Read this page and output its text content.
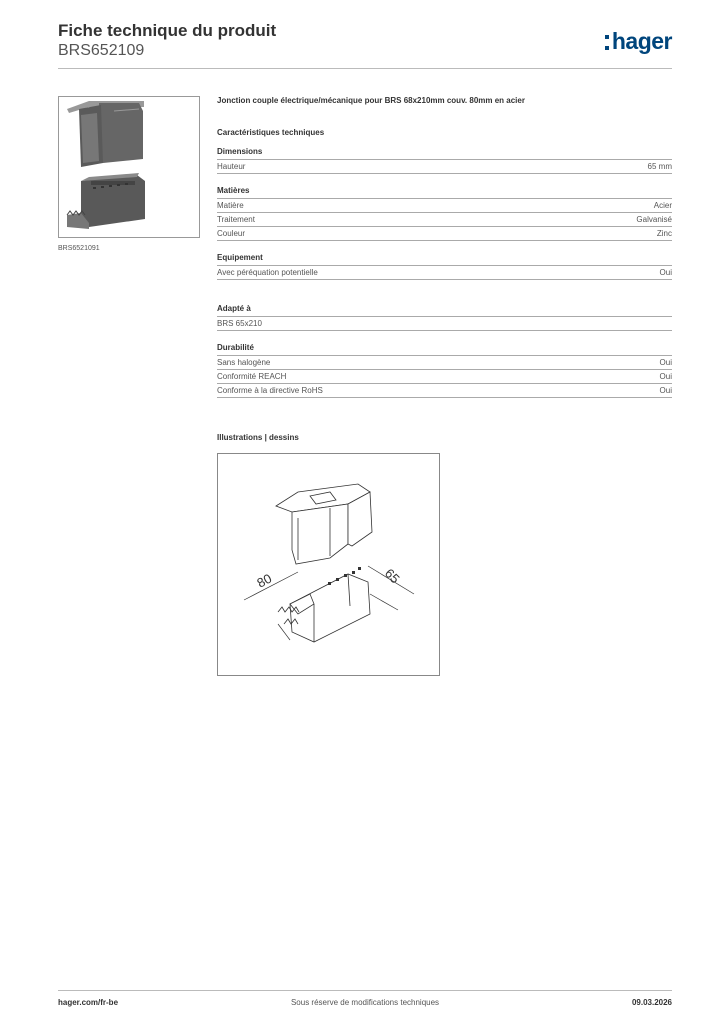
Fiche technique du produit
BRS652109	hager
BRS6521091
Jonction couple électrique/mécanique pour BRS 68x210mm couv. 80mm en acier
Caractéristiques techniques
Dimensions
Hauteur	65 mm
Matières
Matière	Acier
Traitement	Galvanisé
Couleur	Zinc
Equipement
Avec péréquation potentielle	Oui
Adapté à
BRS 65x210
Durabilité
Sans halogène	Oui
Conformité REACH	Oui
Conforme à la directive RoHS	Oui
Illustrations | dessins
80	65
hager.com/fr-be	Sous réserve de modifications techniques	09.03.2026
